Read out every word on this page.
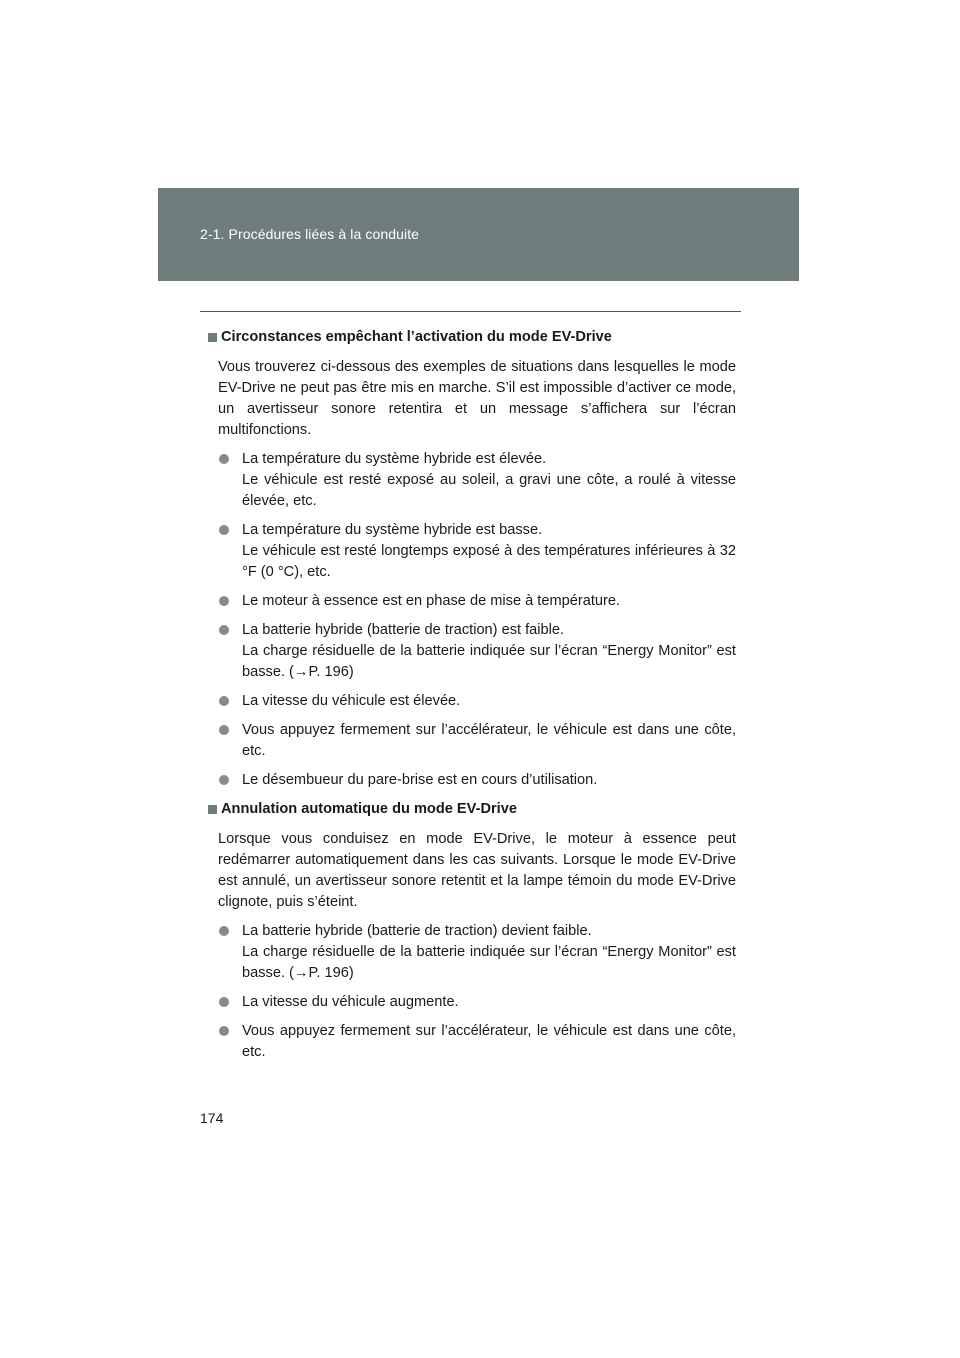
2-1. Procédures liées à la conduite
Circonstances empêchant l’activation du mode EV-Drive
Vous trouverez ci-dessous des exemples de situations dans lesquelles le mode EV-Drive ne peut pas être mis en marche. S’il est impossible d’activer ce mode, un avertisseur sonore retentira et un message s’affichera sur l’écran multifonctions.
La température du système hybride est élevée.
Le véhicule est resté exposé au soleil, a gravi une côte, a roulé à vitesse élevée, etc.
La température du système hybride est basse.
Le véhicule est resté longtemps exposé à des températures inférieures à 32 °F (0 °C), etc.
Le moteur à essence est en phase de mise à température.
La batterie hybride (batterie de traction) est faible.
La charge résiduelle de la batterie indiquée sur l’écran “Energy Monitor” est basse. (→P. 196)
La vitesse du véhicule est élevée.
Vous appuyez fermement sur l’accélérateur, le véhicule est dans une côte, etc.
Le désembueur du pare-brise est en cours d’utilisation.
Annulation automatique du mode EV-Drive
Lorsque vous conduisez en mode EV-Drive, le moteur à essence peut redémarrer automatiquement dans les cas suivants. Lorsque le mode EV-Drive est annulé, un avertisseur sonore retentit et la lampe témoin du mode EV-Drive clignote, puis s’éteint.
La batterie hybride (batterie de traction) devient faible.
La charge résiduelle de la batterie indiquée sur l’écran “Energy Monitor” est basse. (→P. 196)
La vitesse du véhicule augmente.
Vous appuyez fermement sur l’accélérateur, le véhicule est dans une côte, etc.
174
